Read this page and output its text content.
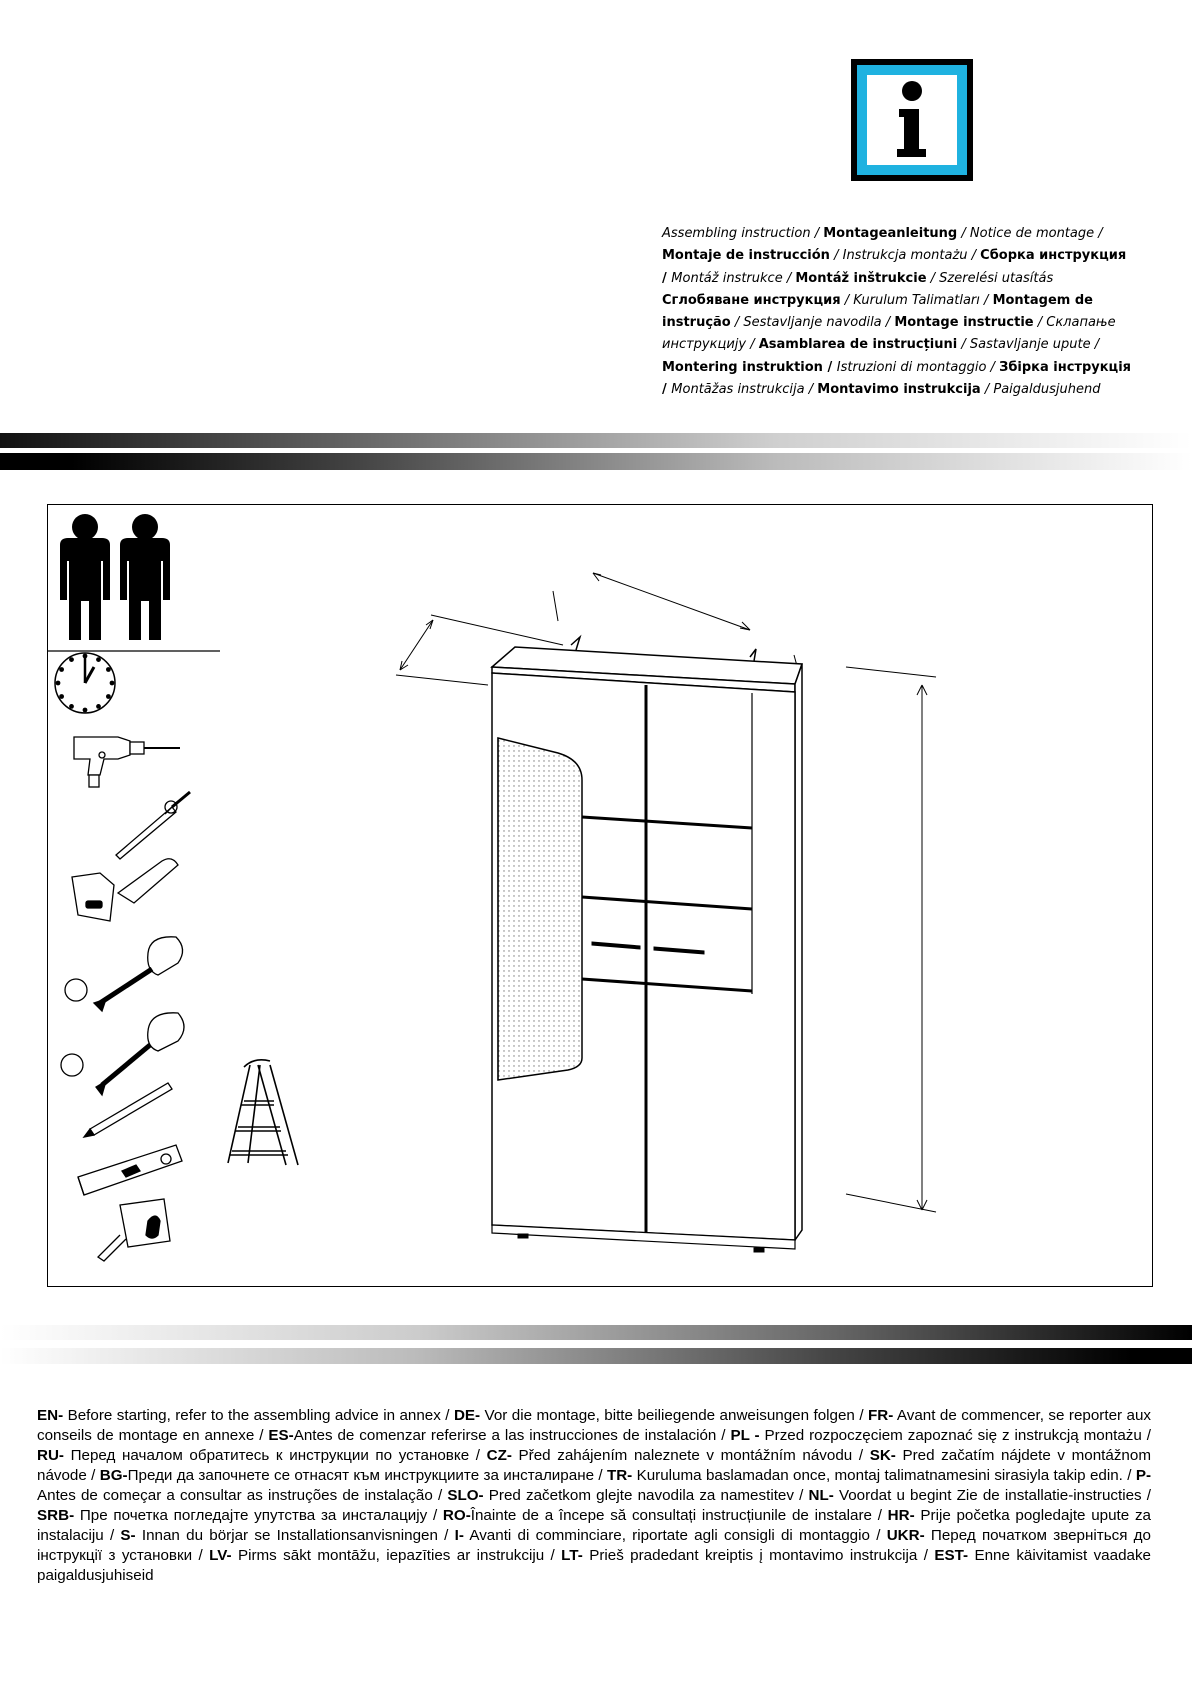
Assembling instruction / Montageanleitung / Notice de montage / Montaje de instrucción / Instrukcja montażu / Сборка инструкция / Montáž instrukce / Montáž inštrukcie / Szerelési utasítás Сглобяване инструкция / Kurulum Talimatları / Montagem de instrução / Sestavljanje navodila / Montage instructie / Склапање инструкцију / Asamblarea de instrucțiuni / Sastavljanje upute / Montering instruktion / Istruzioni di montaggio / Збірка інструкція / Montāžas instrukcija / Montavimo instrukcija / Paigaldusjuhend
EN- Before starting, refer to the assembling advice in annex / DE- Vor die montage, bitte beiliegende anweisungen folgen / FR- Avant de commencer, se reporter aux conseils de montage en annexe / ES-Antes de comenzar referirse a las instrucciones de instalación / PL - Przed rozpoczęciem zapoznać się z instrukcją montażu / RU- Перед началом обратитесь к инструкции по установке / CZ- Před zahájením naleznete v montážním návodu / SK- Pred začatím nájdete v montážnom návode / BG-Преди да започнете се отнасят към инструкциите за инсталиране / TR- Kuruluma baslamadan once, montaj talimatnamesini sirasiyla takip edin. / P- Antes de começar a consultar as instruções de instalação / SLO- Pred začetkom glejte navodila za namestitev / NL- Voordat u begint Zie de installatie-instructies / SRB- Пре почетка погледајте упутства за инсталацију / RO-Înainte de a începe să consultați instrucțiunile de instalare / HR- Prije početka pogledajte upute za instalaciju / S- Innan du börjar se Installationsanvisningen / I- Avanti di comminciare, riportate agli consigli di montaggio / UKR- Перед початком зверніться до інструкції з установки / LV- Pirms sākt montāžu, iepazīties ar instrukciju / LT- Prieš pradedant kreiptis į montavimo instrukcija / EST- Enne käivitamist vaadake paigaldusjuhiseid
